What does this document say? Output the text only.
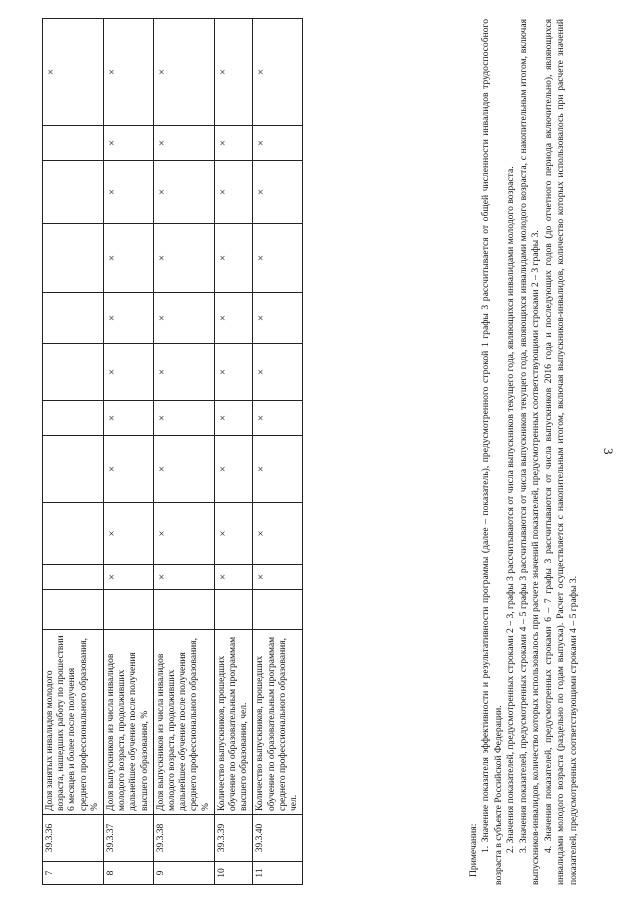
3
7	39.3.36	Доля занятых инвалидов молодого возраста, нашедших работу по прошествии 6 месяцев и более после получения среднего профессионального образования, %											×
8	39.3.37	Доля выпускников из числа инвалидов молодого возраста, продолживших дальнейшее обучение после получения высшего образования, %		×	×	×	×	×	×	×	×	×	×
9	39.3.38	Доля выпускников из числа инвалидов молодого возраста, продолживших дальнейшее обучение после получения среднего профессионального образования, %		×	×	×	×	×	×	×	×	×	×
10	39.3.39	Количество выпускников, прошедших обучение по образовательным программам высшего образования, чел.		×	×	×	×	×	×	×	×	×	×
11	39.3.40	Количество выпускников, прошедших обучение по образовательным программам среднего профессионального образования, чел.		×	×	×	×	×	×	×	×	×	×

Примечания: 1. Значение показателя эффективности и результативности программы (далее – показатель), предусмотренного строкой 1 графы 3 рассчитывается от общей численности инвалидов трудоспособного возраста в субъекте Российской Федерации. 2. Значения показателей, предусмотренных строками 2 – 3, графы 3 рассчитываются от числа выпускников текущего года, являющихся инвалидами молодого возраста. 3. Значения показателей, предусмотренных строками 4 – 5 графы 3 рассчитываются от числа выпускников текущего года, являющихся инвалидами молодого возраста, с накопительным итогом, включая выпускников-инвалидов, количество которых использовалось при расчете значений показателей, предусмотренных соответствующими строками 2 – 3 графы 3. 4. Значения показателей, предусмотренных строками 6 – 7 графы 3 рассчитываются от числа выпускников 2016 года и последующих годов (до отчетного периода включительно), являющихся инвалидами молодого возраста (раздельно по годам выпуска). Расчет осуществляется с накопительным итогом, включая выпускников-инвалидов, количество которых использовалось при расчете значений показателей, предусмотренных соответствующими строками 4 – 5 графы 3.
